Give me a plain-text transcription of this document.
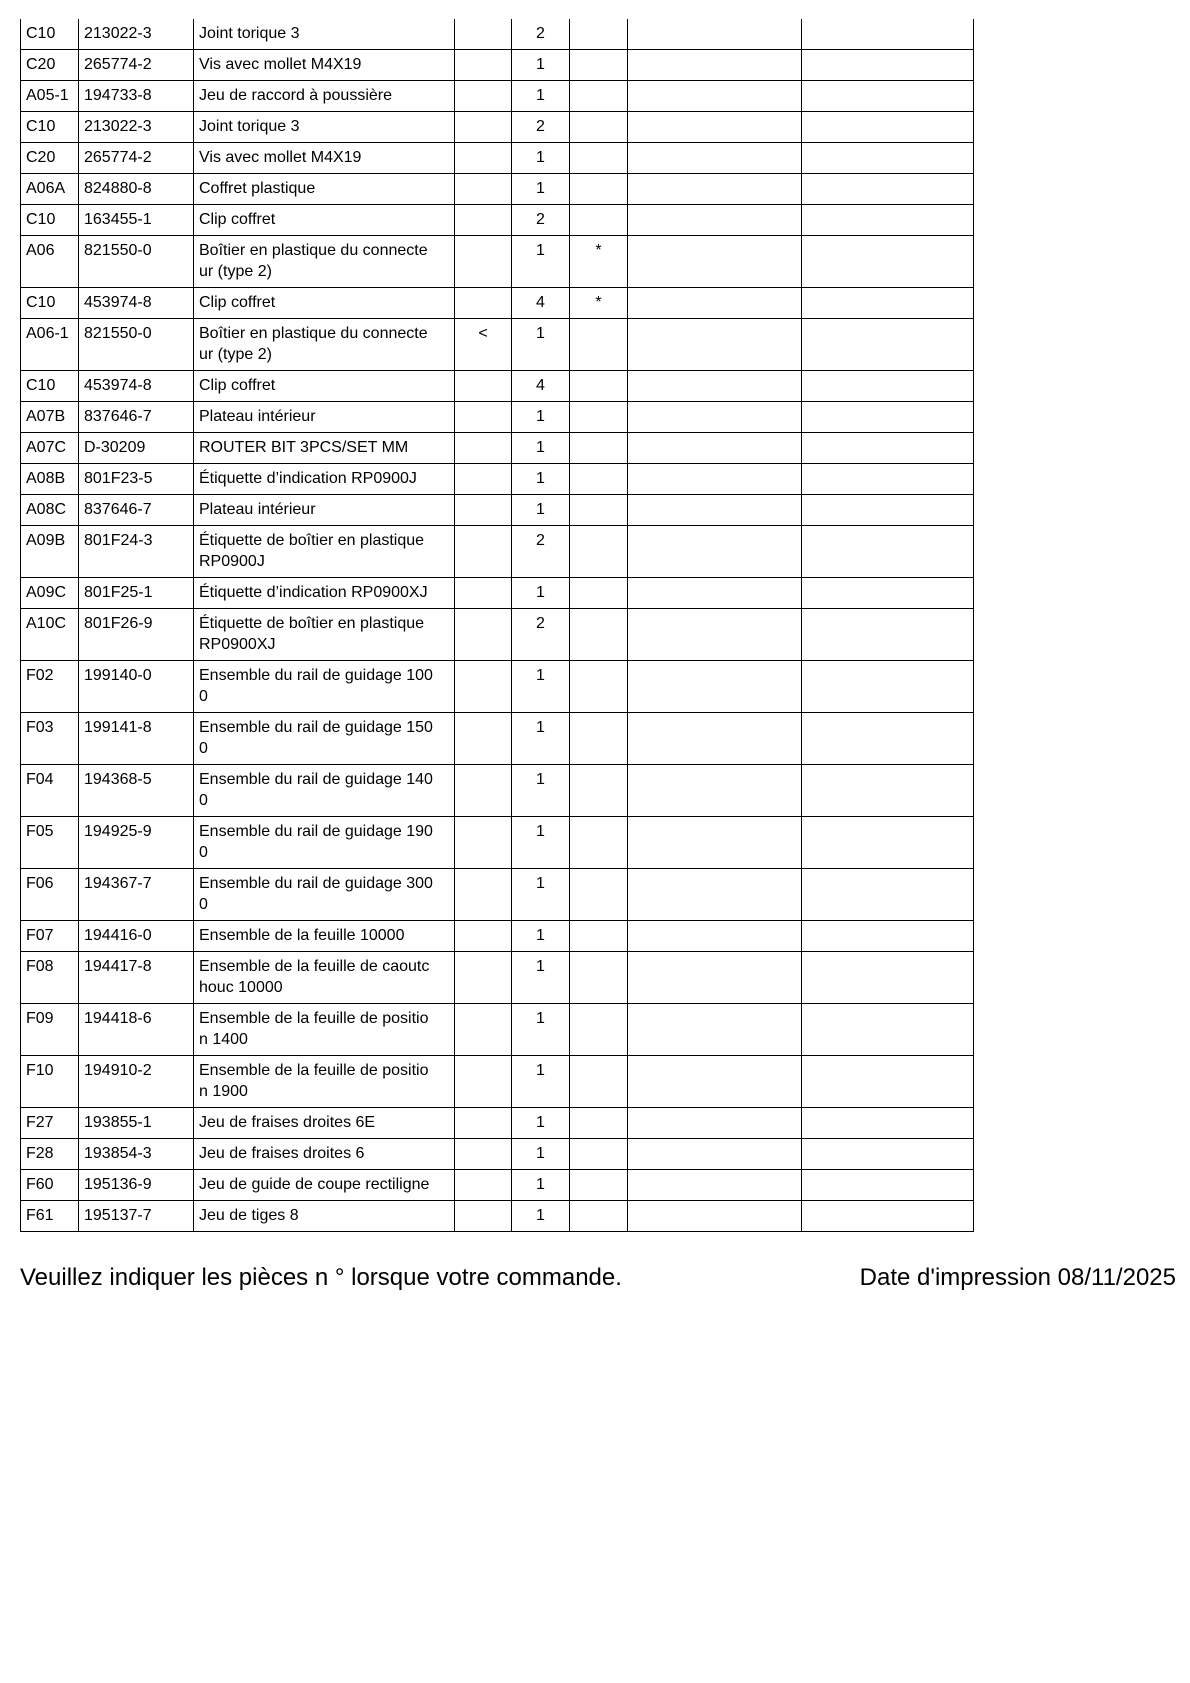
C10	213022-3	Joint torique 3		2			
C20	265774-2	Vis avec mollet M4X19		1			
A05-1	194733-8	Jeu de raccord à poussière		1			
C10	213022-3	Joint torique 3		2			
C20	265774-2	Vis avec mollet M4X19		1			
A06A	824880-8	Coffret plastique		1			
C10	163455-1	Clip coffret		2			
A06	821550-0	Boîtier en plastique du connecte
ur (type 2)		1	*		
C10	453974-8	Clip coffret		4	*		
A06-1	821550-0	Boîtier en plastique du connecte
ur (type 2)	<	1			
C10	453974-8	Clip coffret		4			
A07B	837646-7	Plateau intérieur		1			
A07C	D-30209	ROUTER BIT 3PCS/SET MM		1			
A08B	801F23-5	Étiquette d’indication RP0900J		1			
A08C	837646-7	Plateau intérieur		1			
A09B	801F24-3	Étiquette de boîtier en plastique
RP0900J		2			
A09C	801F25-1	Étiquette d’indication RP0900XJ		1			
A10C	801F26-9	Étiquette de boîtier en plastique
RP0900XJ		2			
F02	199140-0	Ensemble du rail de guidage 100
0		1			
F03	199141-8	Ensemble du rail de guidage 150
0		1			
F04	194368-5	Ensemble du rail de guidage 140
0		1			
F05	194925-9	Ensemble du rail de guidage 190
0		1			
F06	194367-7	Ensemble du rail de guidage 300
0		1			
F07	194416-0	Ensemble de la feuille 10000		1			
F08	194417-8	Ensemble de la feuille de caoutc
houc 10000		1			
F09	194418-6	Ensemble de la feuille de positio
n 1400		1			
F10	194910-2	Ensemble de la feuille de positio
n 1900		1			
F27	193855-1	Jeu de fraises droites 6E		1			
F28	193854-3	Jeu de fraises droites 6		1			
F60	195136-9	Jeu de guide de coupe rectiligne		1			
F61	195137-7	Jeu de tiges 8		1			
Veuillez indiquer les pièces n ° lorsque votre commande.	Date d'impression 08/11/2025
